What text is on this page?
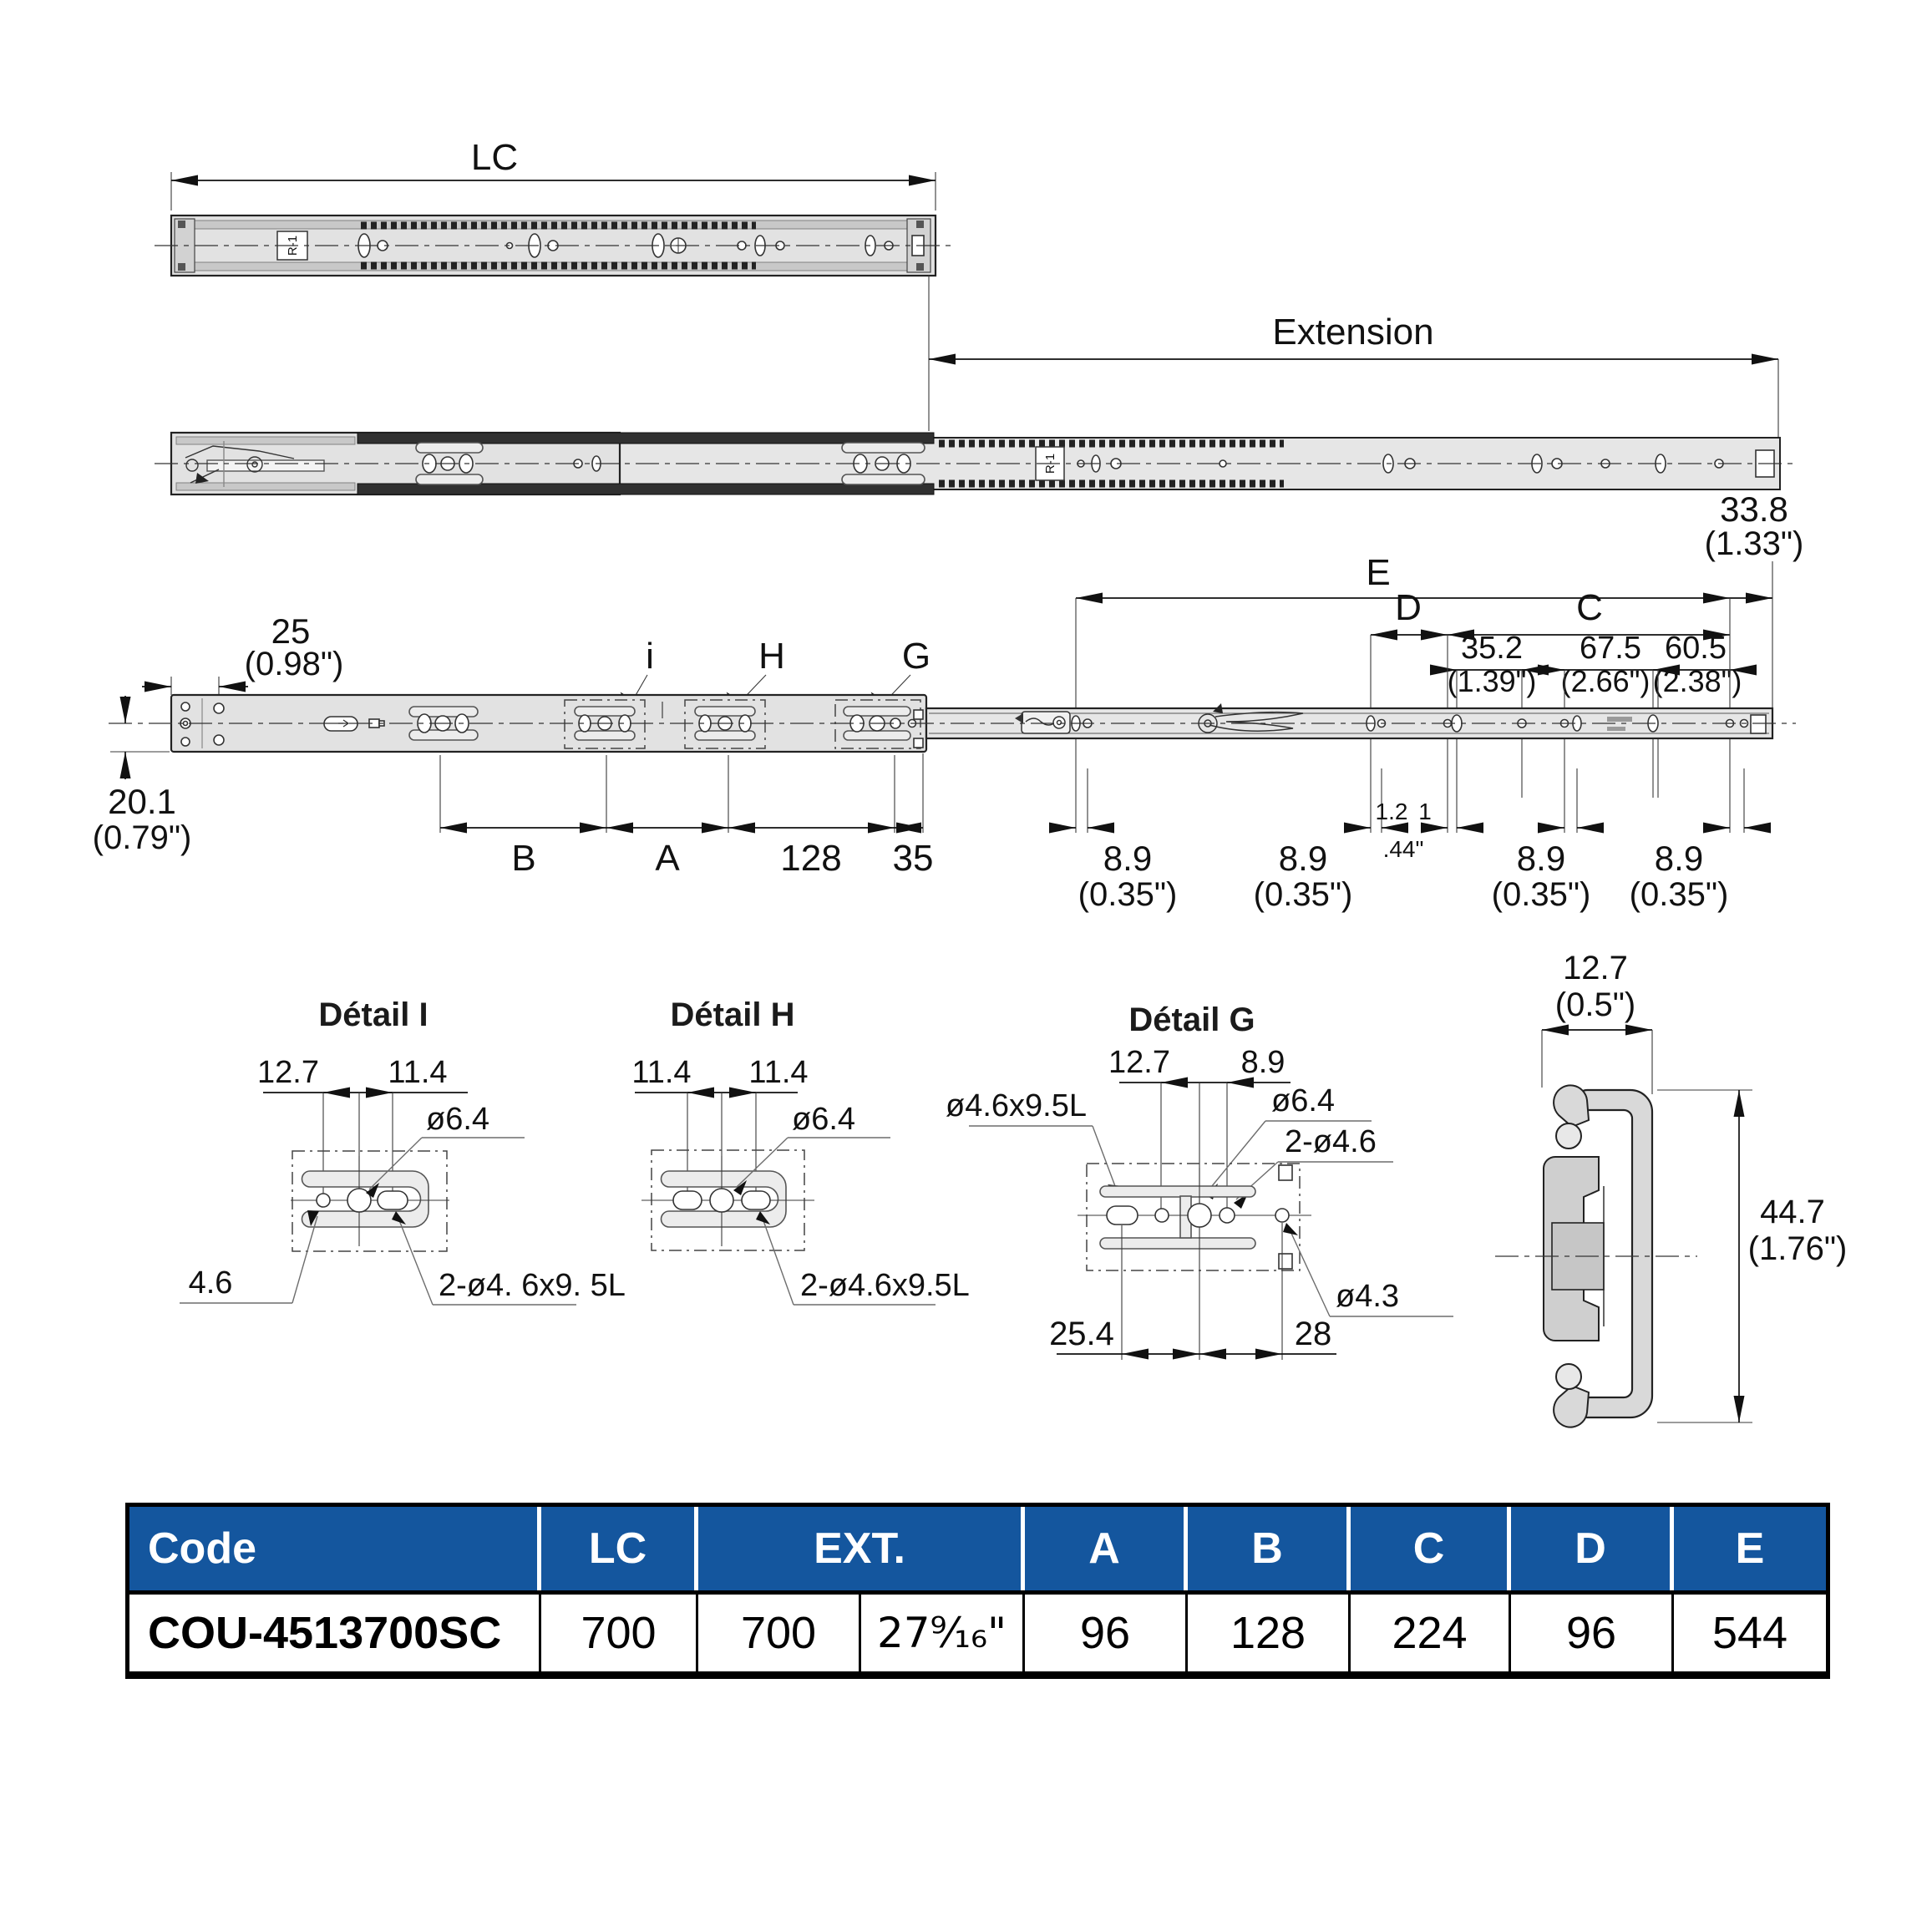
LC
R-1
Extension
R-1
33.8
(1.33")
E
D	C
35.2 67.5 60.5
(1.39") (2.66") (2.38")
i	H	G
25
(0.98")
20.1
(0.79")	B	A	128 35
1.2 1
.44"
8.9	8.9	8.9	8.9
(0.35") (0.35")	(0.35") (0.35")
Détail I
12.7 11.4
ø6.4
4.6	2-ø4. 6x9. 5L
Détail H
11.4 11.4
ø6.4
2-ø4.6x9.5L
Détail G
12.7 8.9
ø4.6x9.5L	ø6.4
2-ø4.6
ø4.3
25.4	28
12.7
(0.5")
44.7
(1.76")
Code	LC	EXT.	A	B	C	D	E
COU-4513700SC	700	700	27⁹⁄₁₆"	96	128	224	96	544
